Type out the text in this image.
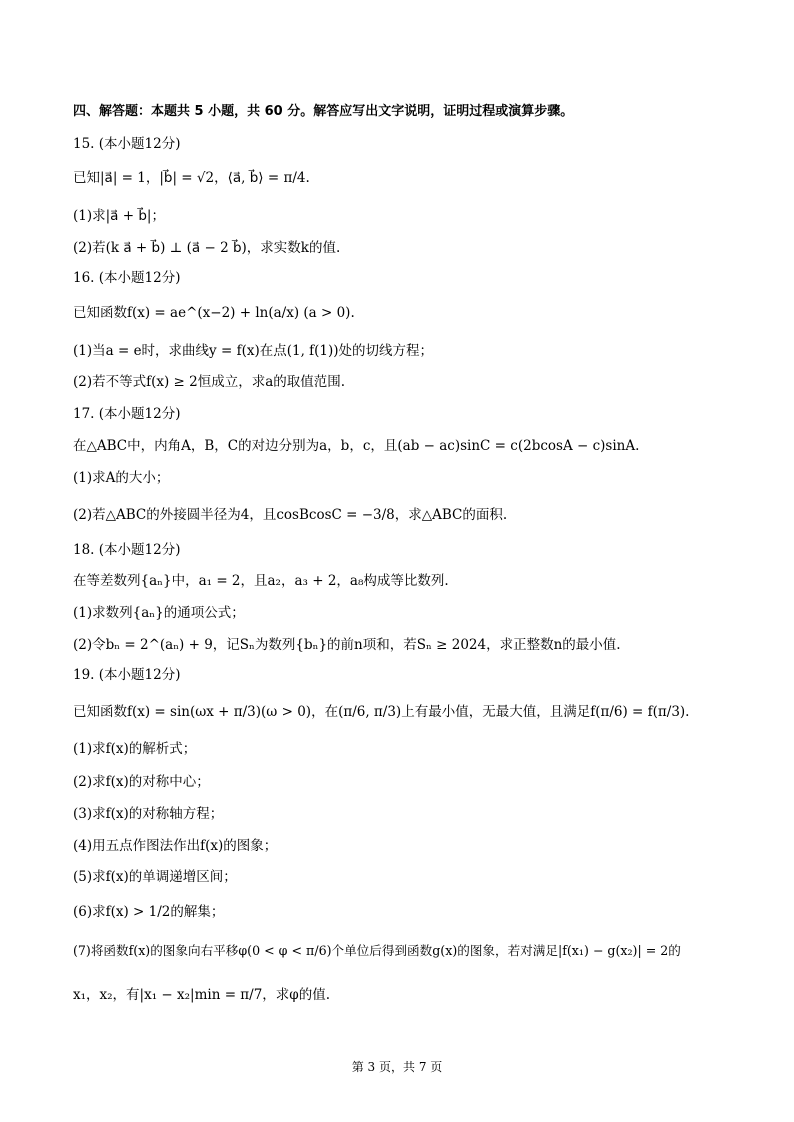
四、解答题：本题共 5 小题，共 60 分。解答应写出文字说明，证明过程或演算步骤。
15. (本小题12分)
已知|a⃗| = 1，|b⃗| = √2，⟨a⃗, b⃗⟩ = π/4.
(1)求|a⃗ + b⃗|；
(2)若(k a⃗ + b⃗) ⊥ (a⃗ − 2 b⃗)，求实数k的值.
16. (本小题12分)
已知函数f(x) = ae^(x−2) + ln(a/x) (a > 0).
(1)当a = e时，求曲线y = f(x)在点(1, f(1))处的切线方程；
(2)若不等式f(x) ≥ 2恒成立，求a的取值范围.
17. (本小题12分)
在△ABC中，内角A，B，C的对边分别为a，b，c，且(ab − ac)sinC = c(2bcosA − c)sinA.
(1)求A的大小；
(2)若△ABC的外接圆半径为4，且cosBcosC = −3/8，求△ABC的面积.
18. (本小题12分)
在等差数列{aₙ}中，a₁ = 2，且a₂，a₃ + 2，a₈构成等比数列.
(1)求数列{aₙ}的通项公式；
(2)令bₙ = 2^(aₙ) + 9，记Sₙ为数列{bₙ}的前n项和，若Sₙ ≥ 2024，求正整数n的最小值.
19. (本小题12分)
已知函数f(x) = sin(ωx + π/3)(ω > 0)，在(π/6, π/3)上有最小值，无最大值，且满足f(π/6) = f(π/3).
(1)求f(x)的解析式；
(2)求f(x)的对称中心；
(3)求f(x)的对称轴方程；
(4)用五点作图法作出f(x)的图象；
(5)求f(x)的单调递增区间；
(6)求f(x) > 1/2的解集；
(7)将函数f(x)的图象向右平移φ(0 < φ < π/6)个单位后得到函数g(x)的图象，若对满足|f(x₁) − g(x₂)| = 2的
x₁，x₂，有|x₁ − x₂|min = π/7，求φ的值.
第 3 页，共 7 页
